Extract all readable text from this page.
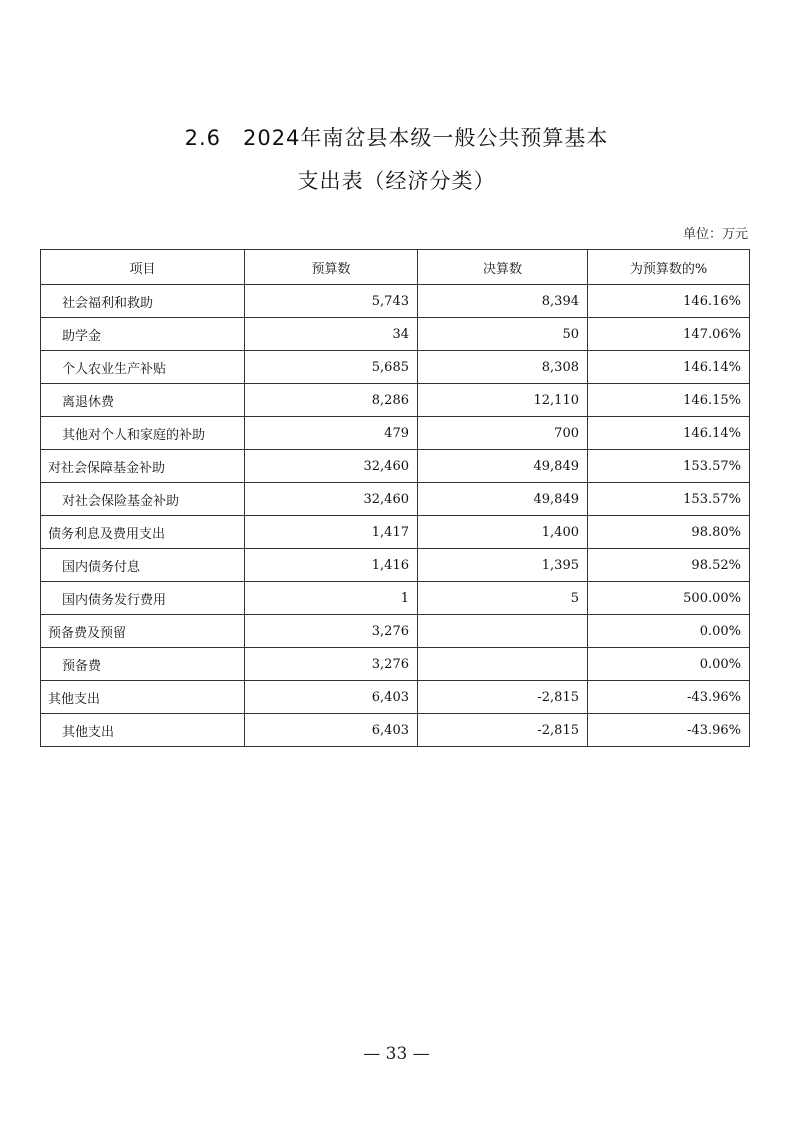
2.6　2024年南岔县本级一般公共预算基本
支出表（经济分类）
单位：万元
项目	预算数	决算数	为预算数的%
社会福利和救助	5,743	8,394	146.16%
助学金	34	50	147.06%
个人农业生产补贴	5,685	8,308	146.14%
离退休费	8,286	12,110	146.15%
其他对个人和家庭的补助	479	700	146.14%
对社会保障基金补助	32,460	49,849	153.57%
对社会保险基金补助	32,460	49,849	153.57%
债务利息及费用支出	1,417	1,400	98.80%
国内债务付息	1,416	1,395	98.52%
国内债务发行费用	1	5	500.00%
预备费及预留	3,276		0.00%
预备费	3,276		0.00%
其他支出	6,403	-2,815	-43.96%
其他支出	6,403	-2,815	-43.96%
— 33 —
